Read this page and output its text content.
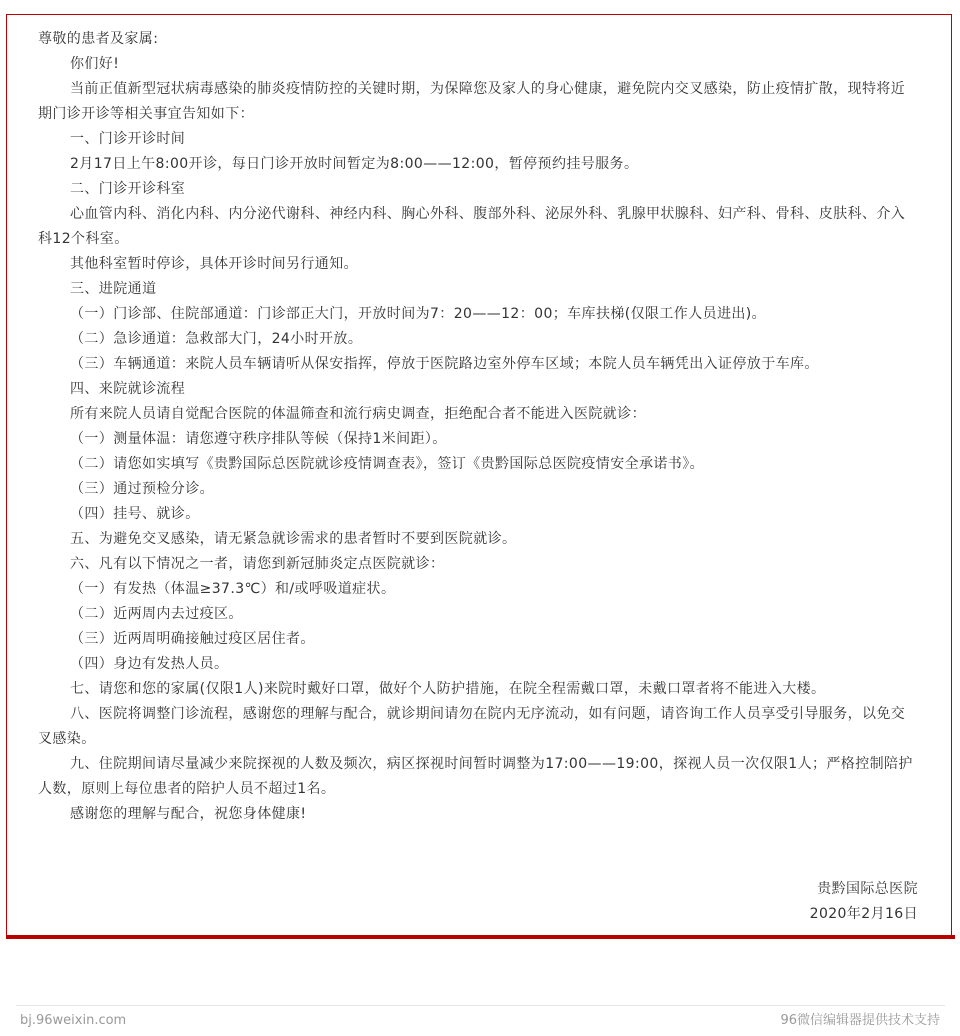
尊敬的患者及家属:

你们好!

当前正值新型冠状病毒感染的肺炎疫情防控的关键时期，为保障您及家人的身心健康，避免院内交叉感染，防止疫情扩散，现特将近期门诊开诊等相关事宜告知如下：

一、门诊开诊时间

2月17日上午8:00开诊，每日门诊开放时间暂定为8:00——12:00，暂停预约挂号服务。

二、门诊开诊科室

心血管内科、消化内科、内分泌代谢科、神经内科、胸心外科、腹部外科、泌尿外科、乳腺甲状腺科、妇产科、骨科、皮肤科、介入科12个科室。

其他科室暂时停诊，具体开诊时间另行通知。

三、进院通道

（一）门诊部、住院部通道：门诊部正大门，开放时间为7：20——12：00；车库扶梯(仅限工作人员进出)。

（二）急诊通道：急救部大门，24小时开放。

（三）车辆通道：来院人员车辆请听从保安指挥，停放于医院路边室外停车区域；本院人员车辆凭出入证停放于车库。

四、来院就诊流程

所有来院人员请自觉配合医院的体温筛查和流行病史调查，拒绝配合者不能进入医院就诊：

（一）测量体温：请您遵守秩序排队等候（保持1米间距）。

（二）请您如实填写《贵黔国际总医院就诊疫情调查表》，签订《贵黔国际总医院疫情安全承诺书》。

（三）通过预检分诊。

（四）挂号、就诊。

五、为避免交叉感染，请无紧急就诊需求的患者暂时不要到医院就诊。

六、凡有以下情况之一者，请您到新冠肺炎定点医院就诊：

（一）有发热（体温≥37.3℃）和/或呼吸道症状。

（二）近两周内去过疫区。

（三）近两周明确接触过疫区居住者。

（四）身边有发热人员。

七、请您和您的家属(仅限1人)来院时戴好口罩，做好个人防护措施，在院全程需戴口罩，未戴口罩者将不能进入大楼。

八、医院将调整门诊流程，感谢您的理解与配合，就诊期间请勿在院内无序流动，如有问题，请咨询工作人员享受引导服务，以免交叉感染。

九、住院期间请尽量减少来院探视的人数及频次，病区探视时间暂时调整为17:00——19:00，探视人员一次仅限1人；严格控制陪护人数，原则上每位患者的陪护人员不超过1名。

感谢您的理解与配合，祝您身体健康!

贵黔国际总医院

2020年2月16日

bj.96weixin.com	96微信编辑器提供技术支持
